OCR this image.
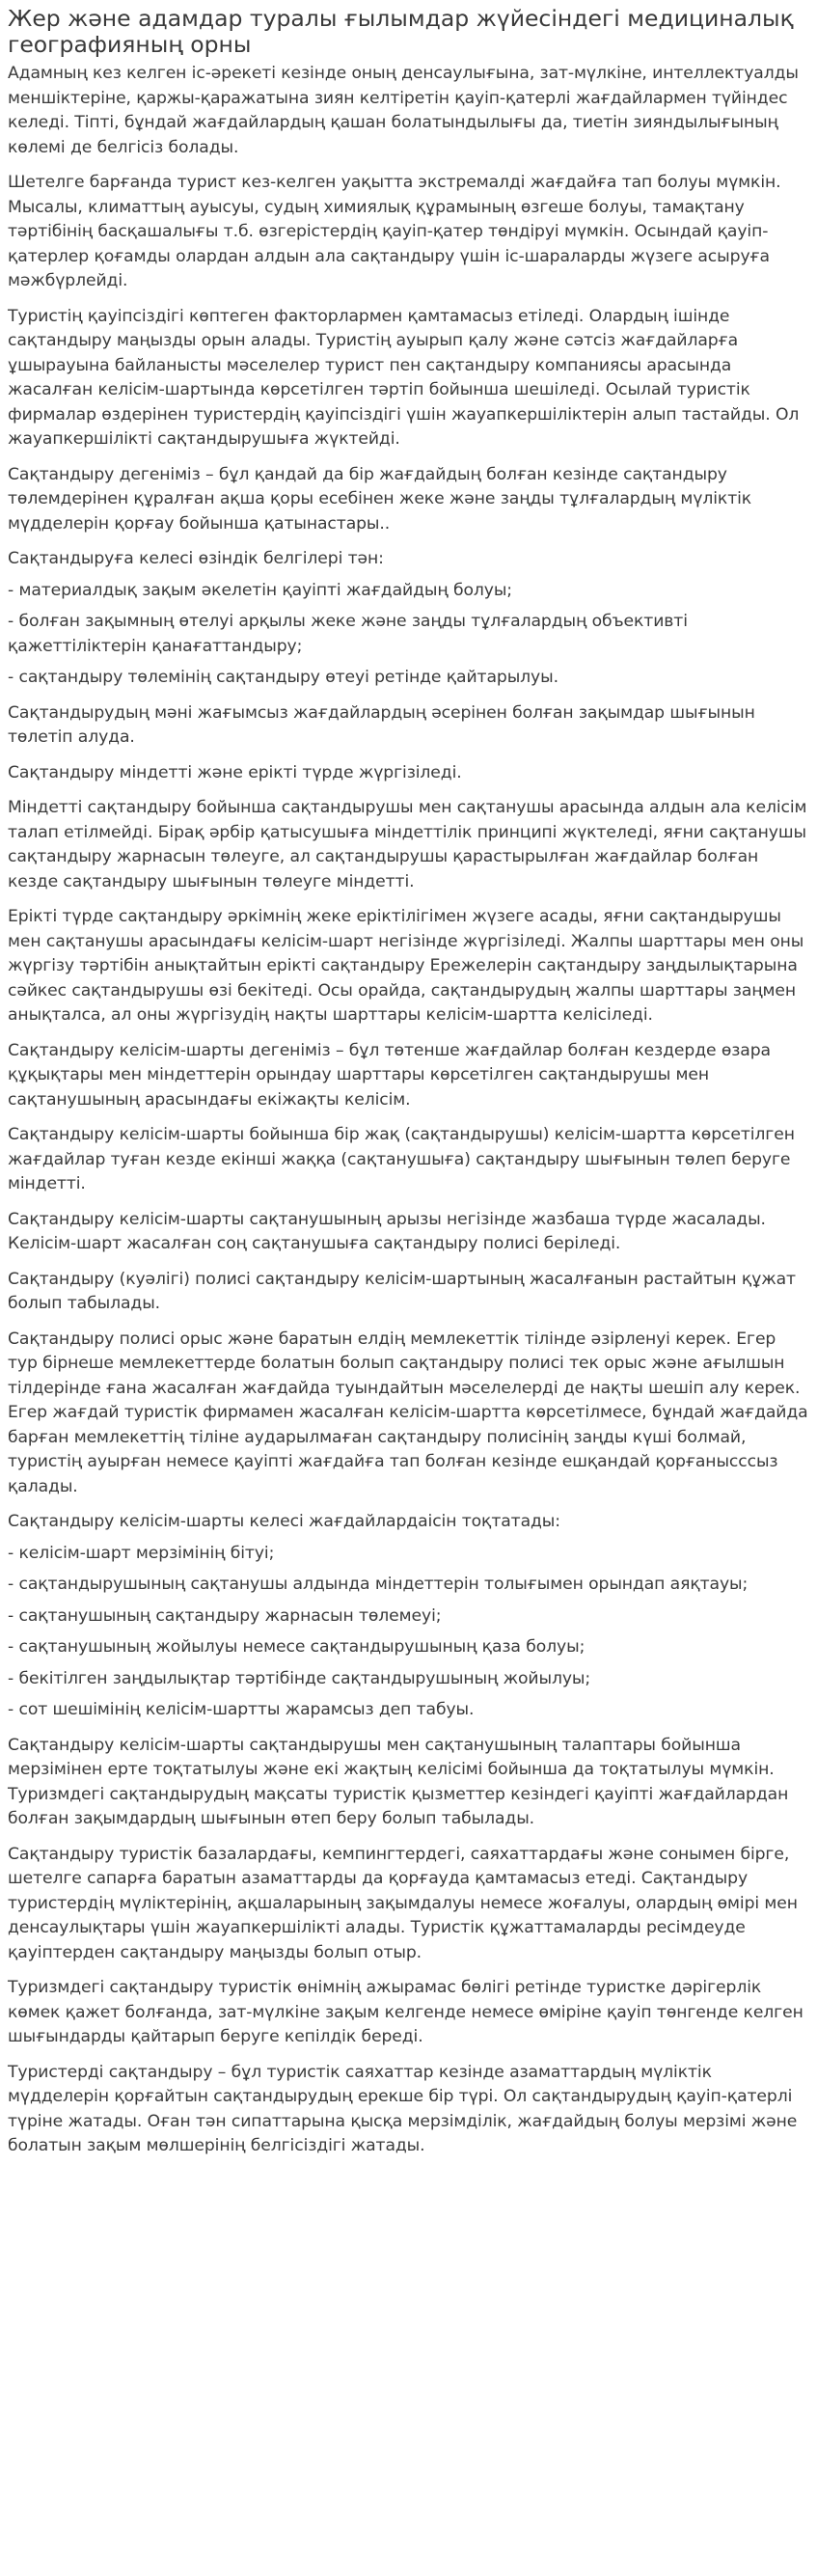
Жер және адамдар туралы ғылымдар жүйесіндегі медициналық географияның орны

Адамның кез келген іс-әрекеті кезінде оның денсаулығына, зат-мүлкіне, интеллектуалды меншіктеріне, қаржы-қаражатына зиян келтіретін қауіп-қатерлі жағдайлармен түйіндес келеді. Тіпті, бұндай жағдайлардың қашан болатындылығы да, тиетін зияндылығының көлемі де белгісіз болады.

Шетелге барғанда турист кез-келген уақытта экстремалді жағдайға тап болуы мүмкін. Мысалы, климаттың ауысуы, судың химиялық құрамының өзгеше болуы, тамақтану тәртібінің басқашалығы т.б. өзгерістердің қауіп-қатер төндіруі мүмкін. Осындай қауіп-қатерлер қоғамды олардан алдын ала сақтандыру үшін іс-шараларды жүзеге асыруға мәжбүрлейді.

Туристің қауіпсіздігі көптеген факторлармен қамтамасыз етіледі. Олардың ішінде сақтандыру маңызды орын алады. Туристің ауырып қалу және сәтсіз жағдайларға ұшырауына байланысты мәселелер турист пен сақтандыру компаниясы арасында жасалған келісім-шартында көрсетілген тәртіп бойынша шешіледі. Осылай туристік фирмалар өздерінен туристердің қауіпсіздігі үшін жауапкершіліктерін алып тастайды. Ол жауапкершілікті сақтандырушыға жүктейді.

Сақтандыру дегеніміз – бұл қандай да бір жағдайдың болған кезінде сақтандыру төлемдерінен құралған ақша қоры есебінен жеке және заңды тұлғалардың мүліктік мүдделерін қорғау бойынша қатынастары..

Сақтандыруға келесі өзіндік белгілері тән:

- материалдық зақым әкелетін қауіпті жағдайдың болуы;

- болған зақымның өтелуі арқылы жеке және заңды тұлғалардың объективті қажеттіліктерін қанағаттандыру;

- сақтандыру төлемінің сақтандыру өтеуі ретінде қайтарылуы.

Сақтандырудың мәні жағымсыз жағдайлардың әсерінен болған зақымдар шығынын төлетіп алуда.

Сақтандыру міндетті және ерікті түрде жүргізіледі.

Міндетті сақтандыру бойынша сақтандырушы мен сақтанушы арасында алдын ала келісім талап етілмейді. Бірақ әрбір қатысушыға міндеттілік принципі жүктеледі, яғни сақтанушы сақтандыру жарнасын төлеуге, ал сақтандырушы қарастырылған жағдайлар болған кезде сақтандыру шығынын төлеуге міндетті.

Ерікті түрде сақтандыру әркімнің жеке еріктілігімен жүзеге асады, яғни сақтандырушы мен сақтанушы арасындағы келісім-шарт негізінде жүргізіледі. Жалпы шарттары мен оны жүргізу тәртібін анықтайтын ерікті сақтандыру Ережелерін сақтандыру заңдылықтарына сәйкес сақтандырушы өзі бекітеді. Осы орайда, сақтандырудың жалпы шарттары заңмен анықталса, ал оны жүргізудің нақты шарттары келісім-шартта келісіледі.

Сақтандыру келісім-шарты дегеніміз – бұл төтенше жағдайлар болған кездерде өзара құқықтары мен міндеттерін орындау шарттары көрсетілген сақтандырушы мен сақтанушының арасындағы екіжақты келісім.

Сақтандыру келісім-шарты бойынша бір жақ (сақтандырушы) келісім-шартта көрсетілген жағдайлар туған кезде екінші жаққа (сақтанушыға) сақтандыру шығынын төлеп беруге міндетті.

Сақтандыру келісім-шарты сақтанушының арызы негізінде жазбаша түрде жасалады. Келісім-шарт жасалған соң сақтанушыға сақтандыру полисі беріледі.

Сақтандыру (куәлігі) полисі сақтандыру келісім-шартының жасалғанын растайтын құжат болып табылады.

Сақтандыру полисі орыс және баратын елдің мемлекеттік тілінде әзірленуі керек. Егер тур бірнеше мемлекеттерде болатын болып сақтандыру полисі тек орыс және ағылшын тілдерінде ғана жасалған жағдайда туындайтын мәселелерді де нақты шешіп алу керек. Егер жағдай туристік фирмамен жасалған келісім-шартта көрсетілмесе, бұндай жағдайда барған мемлекеттің тіліне аударылмаған сақтандыру полисінің заңды күші болмай, туристің ауырған немесе қауіпті жағдайға тап болған кезінде ешқандай қорғанысссыз қалады.

Сақтандыру келісім-шарты келесі жағдайлардаісін тоқтатады:

- келісім-шарт мерзімінің бітуі;

- сақтандырушының сақтанушы алдында міндеттерін толығымен орындап аяқтауы;

- сақтанушының сақтандыру жарнасын төлемеуі;

- сақтанушының жойылуы немесе сақтандырушының қаза болуы;

- бекітілген заңдылықтар тәртібінде сақтандырушының жойылуы;

- сот шешімінің келісім-шартты жарамсыз деп табуы.

Сақтандыру келісім-шарты сақтандырушы мен сақтанушының талаптары бойынша мерзімінен ерте тоқтатылуы және екі жақтың келісімі бойынша да тоқтатылуы мүмкін. Туризмдегі сақтандырудың мақсаты туристік қызметтер кезіндегі қауіпті жағдайлардан болған зақымдардың шығынын өтеп беру болып табылады.

Сақтандыру туристік базалардағы, кемпингтердегі, саяхаттардағы және сонымен бірге, шетелге сапарға баратын азаматтарды да қорғауда қамтамасыз етеді. Сақтандыру туристердің мүліктерінің, ақшаларының зақымдалуы немесе жоғалуы, олардың өмірі мен денсаулықтары үшін жауапкершілікті алады. Туристік құжаттамаларды ресімдеуде қауіптерден сақтандыру маңызды болып отыр.

Туризмдегі сақтандыру туристік өнімнің ажырамас бөлігі ретінде туристке дәрігерлік көмек қажет болғанда, зат-мүлкіне зақым келгенде немесе өміріне қауіп төнгенде келген шығындарды қайтарып беруге кепілдік береді.

Туристерді сақтандыру – бұл туристік саяхаттар кезінде азаматтардың мүліктік мүдделерін қорғайтын сақтандырудың ерекше бір түрі. Ол сақтандырудың қауіп-қатерлі түріне жатады. Оған тән сипаттарына қысқа мерзімділік, жағдайдың болуы мерзімі және болатын зақым мөлшерінің белгісіздігі жатады.
